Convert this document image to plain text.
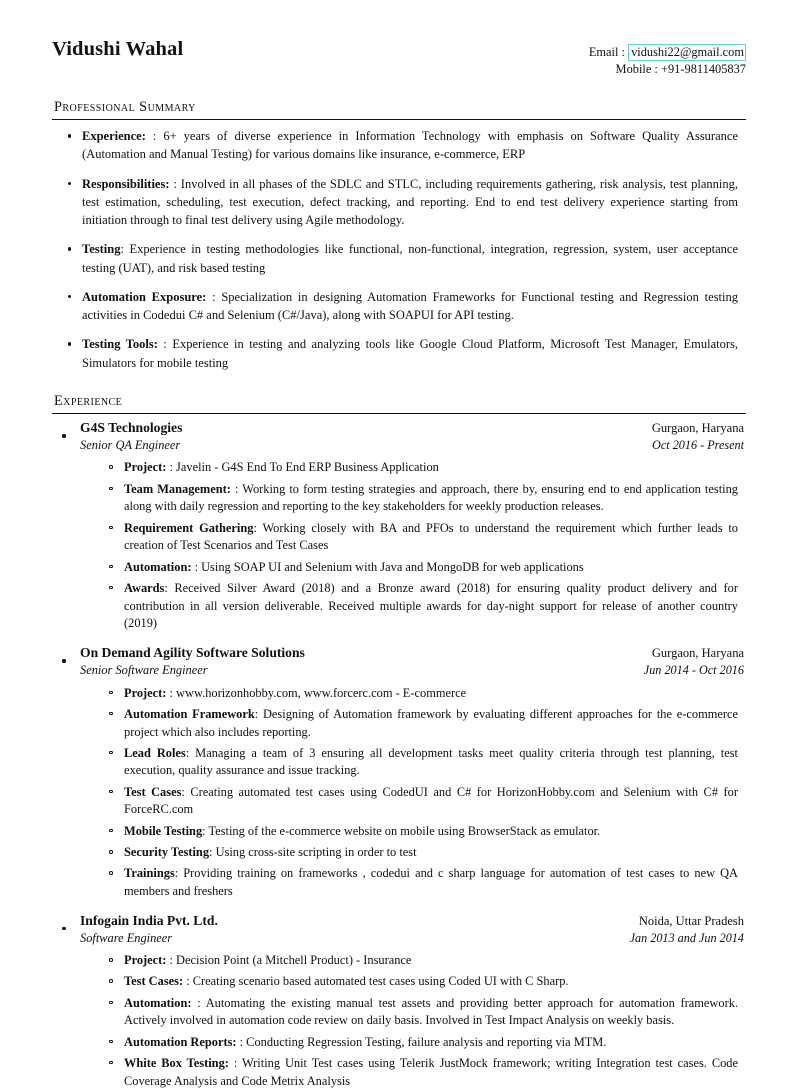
Vidushi Wahal	Email : vidushi22@gmail.com
Mobile : +91-9811405837
Professional Summary
Experience: : 6+ years of diverse experience in Information Technology with emphasis on Software Quality Assurance (Automation and Manual Testing) for various domains like insurance, e-commerce, ERP
Responsibilities: : Involved in all phases of the SDLC and STLC, including requirements gathering, risk analysis, test planning, test estimation, scheduling, test execution, defect tracking, and reporting. End to end test delivery experience starting from initiation through to final test delivery using Agile methodology.
Testing: Experience in testing methodologies like functional, non-functional, integration, regression, system, user acceptance testing (UAT), and risk based testing
Automation Exposure: : Specialization in designing Automation Frameworks for Functional testing and Regression testing activities in Codedui C# and Selenium (C#/Java), along with SOAPUI for API testing.
Testing Tools: : Experience in testing and analyzing tools like Google Cloud Platform, Microsoft Test Manager, Emulators, Simulators for mobile testing
Experience
G4S Technologies	Gurgaon, Haryana
Senior QA Engineer	Oct 2016 - Present
Project: : Javelin - G4S End To End ERP Business Application
Team Management: : Working to form testing strategies and approach, there by, ensuring end to end application testing along with daily regression and reporting to the key stakeholders for weekly production releases.
Requirement Gathering: Working closely with BA and PFOs to understand the requirement which further leads to creation of Test Scenarios and Test Cases
Automation: : Using SOAP UI and Selenium with Java and MongoDB for web applications
Awards: Received Silver Award (2018) and a Bronze award (2018) for ensuring quality product delivery and for contribution in all version deliverable. Received multiple awards for day-night support for release of another country (2019)
On Demand Agility Software Solutions	Gurgaon, Haryana
Senior Software Engineer	Jun 2014 - Oct 2016
Project: : www.horizonhobby.com, www.forcerc.com - E-commerce
Automation Framework: Designing of Automation framework by evaluating different approaches for the e-commerce project which also includes reporting.
Lead Roles: Managing a team of 3 ensuring all development tasks meet quality criteria through test planning, test execution, quality assurance and issue tracking.
Test Cases: Creating automated test cases using CodedUI and C# for HorizonHobby.com and Selenium with C# for ForceRC.com
Mobile Testing: Testing of the e-commerce website on mobile using BrowserStack as emulator.
Security Testing: Using cross-site scripting in order to test
Trainings: Providing training on frameworks , codedui and c sharp language for automation of test cases to new QA members and freshers
Infogain India Pvt. Ltd.	Noida, Uttar Pradesh
Software Engineer	Jan 2013 and Jun 2014
Project: : Decision Point (a Mitchell Product) - Insurance
Test Cases: : Creating scenario based automated test cases using Coded UI with C Sharp.
Automation: : Automating the existing manual test assets and providing better approach for automation framework. Actively involved in automation code review on daily basis. Involved in Test Impact Analysis on weekly basis.
Automation Reports: : Conducting Regression Testing, failure analysis and reporting via MTM.
White Box Testing: : Writing Unit Test cases using Telerik JustMock framework; writing Integration test cases. Code Coverage Analysis and Code Metrix Analysis
